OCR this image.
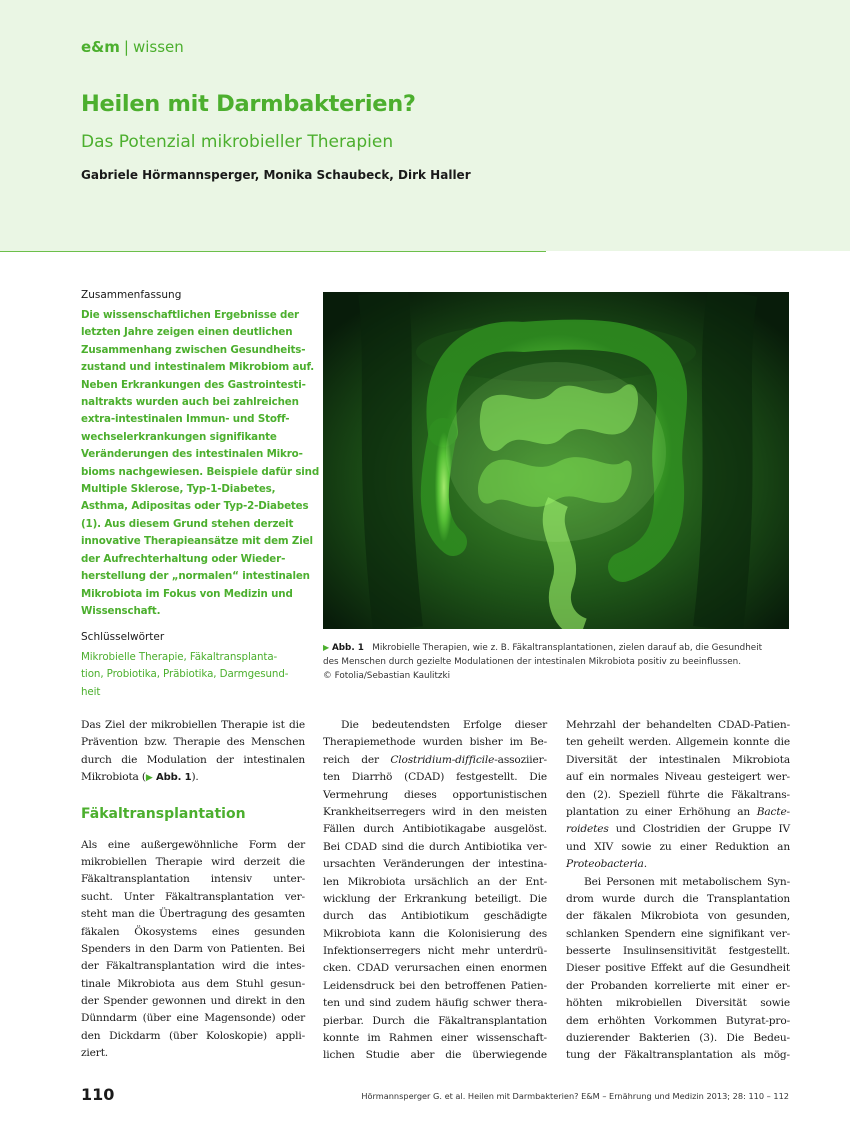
e&m | wissen
Heilen mit Darmbakterien?
Das Potenzial mikrobieller Therapien
Gabriele Hörmannsperger, Monika Schaubeck, Dirk Haller
Zusammenfassung
Die wissenschaftlichen Ergebnisse der
letzten Jahre zeigen einen deutlichen
Zusammenhang zwischen Gesundheits-
zustand und intestinalem Mikrobiom auf.
Neben Erkrankungen des Gastrointesti-
naltrakts wurden auch bei zahlreichen
extra-intestinalen Immun- und Stoff-
wechselerkrankungen signifikante
Veränderungen des intestinalen Mikro-
bioms nachgewiesen. Beispiele dafür sind
Multiple Sklerose, Typ-1-Diabetes,
Asthma, Adipositas oder Typ-2-Diabetes
(1). Aus diesem Grund stehen derzeit
innovative Therapieansätze mit dem Ziel
der Aufrechterhaltung oder Wieder-
herstellung der „normalen“ intestinalen
Mikrobiota im Fokus von Medizin und
Wissenschaft.
Schlüsselwörter
Mikrobielle Therapie, Fäkaltransplanta-
tion, Probiotika, Präbiotika, Darmgesund-
heit
▶ Abb. 1 Mikrobielle Therapien, wie z. B. Fäkaltransplantationen, zielen darauf ab, die Gesundheit
des Menschen durch gezielte Modulationen der intestinalen Mikrobiota positiv zu beeinflussen.
© Fotolia/Sebastian Kaulitzki
Das Ziel der mikrobiellen Therapie ist die
Prävention bzw. Therapie des Menschen
durch die Modulation der intestinalen
Mikrobiota (▶ Abb. 1).
Fäkaltransplantation
Als eine außergewöhnliche Form der
mikrobiellen Therapie wird derzeit die
Fäkaltransplantation intensiv unter-
sucht. Unter Fäkaltransplantation ver-
steht man die Übertragung des gesamten
fäkalen Ökosystems eines gesunden
Spenders in den Darm von Patienten. Bei
der Fäkaltransplantation wird die intes-
tinale Mikrobiota aus dem Stuhl gesun-
der Spender gewonnen und direkt in den
Dünndarm (über eine Magensonde) oder
den Dickdarm (über Koloskopie) appli-
ziert.
Die bedeutendsten Erfolge dieser
Therapiemethode wurden bisher im Be-
reich der Clostridium-difficile-assoziier-
ten Diarrhö (CDAD) festgestellt. Die
Vermehrung dieses opportunistischen
Krankheitserregers wird in den meisten
Fällen durch Antibiotikagabe ausgelöst.
Bei CDAD sind die durch Antibiotika ver-
ursachten Veränderungen der intestina-
len Mikrobiota ursächlich an der Ent-
wicklung der Erkrankung beteiligt. Die
durch das Antibiotikum geschädigte
Mikrobiota kann die Kolonisierung des
Infektionserregers nicht mehr unterdrü-
cken. CDAD verursachen einen enormen
Leidensdruck bei den betroffenen Patien-
ten und sind zudem häufig schwer thera-
pierbar. Durch die Fäkaltransplantation
konnte im Rahmen einer wissenschaft-
lichen Studie aber die überwiegende
Mehrzahl der behandelten CDAD-Patien-
ten geheilt werden. Allgemein konnte die
Diversität der intestinalen Mikrobiota
auf ein normales Niveau gesteigert wer-
den (2). Speziell führte die Fäkaltrans-
plantation zu einer Erhöhung an Bacte-
roidetes und Clostridien der Gruppe IV
und XIV sowie zu einer Reduktion an
Proteobacteria.
Bei Personen mit metabolischem Syn-
drom wurde durch die Transplantation
der fäkalen Mikrobiota von gesunden,
schlanken Spendern eine signifikant ver-
besserte Insulinsensitivität festgestellt.
Dieser positive Effekt auf die Gesundheit
der Probanden korrelierte mit einer er-
höhten mikrobiellen Diversität sowie
dem erhöhten Vorkommen Butyrat-pro-
duzierender Bakterien (3). Die Bedeu-
tung der Fäkaltransplantation als mög-
110	Hörmannsperger G. et al. Heilen mit Darmbakterien? E&M – Ernährung und Medizin 2013; 28: 110 – 112
